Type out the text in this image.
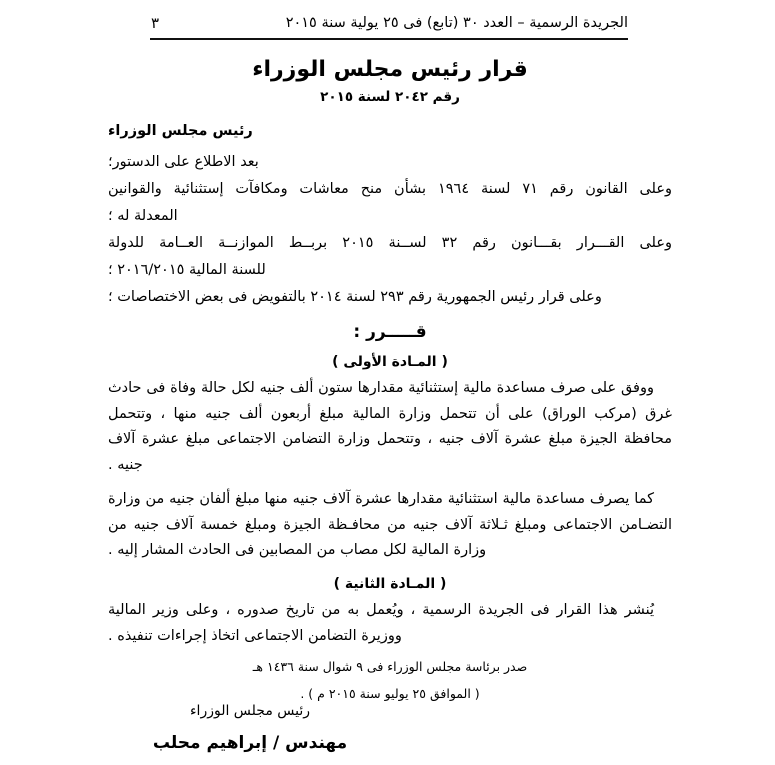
الجريدة الرسمية – العدد ٣٠ (تابع) فى ٢٥ يولية سنة ٢٠١٥
٣
قرار رئيس مجلس الوزراء

رقم ٢٠٤٢ لسنة ٢٠١٥

رئيس مجلس الوزراء

بعد الاطلاع على الدستور؛

وعلى القانون رقم ٧١ لسنة ١٩٦٤ بشأن منح معاشات ومكافآت إستثنائية والقوانين

المعدلة له ؛

وعلى القـــرار بقـــانون رقم ٣٢ لســنة ٢٠١٥ بربــط الموازنــة العــامة للدولة

للسنة المالية ٢٠١٦/٢٠١٥ ؛

وعلى قرار رئيس الجمهورية رقم ٢٩٣ لسنة ٢٠١٤ بالتفويض فى بعض الاختصاصات ؛

قـــــرر :

( المـادة الأولى )

ووفق على صرف مساعدة مالية إستثنائية مقدارها ستون ألف جنيه لكل حالة وفاة فى حادث غرق (مركب الوراق) على أن تتحمل وزارة المالية مبلغ أربعون ألف جنيه منها ، وتتحمل محافظة الجيزة مبلغ عشرة آلاف جنيه ، وتتحمل وزارة التضامن الاجتماعى مبلغ عشرة آلاف جنيه .

كما يصرف مساعدة مالية استثنائية مقدارها عشرة آلاف جنيه منها مبلغ ألفان جنيه من وزارة التضـامن الاجتماعى ومبلغ ثـلاثة آلاف جنيه من محافـظة الجيزة ومبلغ خمسة آلاف جنيه من وزارة المالية لكل مصاب من المصابين فى الحادث المشار إليه .

( المـادة الثانية )

يُنشر هذا القرار فى الجريدة الرسمية ، ويُعمل به من تاريخ صدوره ، وعلى وزير المالية ووزيرة التضامن الاجتماعى اتخاذ إجراءات تنفيذه .

صدر برئاسة مجلس الوزراء فى ٩ شوال سنة ١٤٣٦ هـ

( الموافق ٢٥ يوليو سنة ٢٠١٥ م ) .

رئيس مجلس الوزراء

مهندس / إبراهيم محلب
